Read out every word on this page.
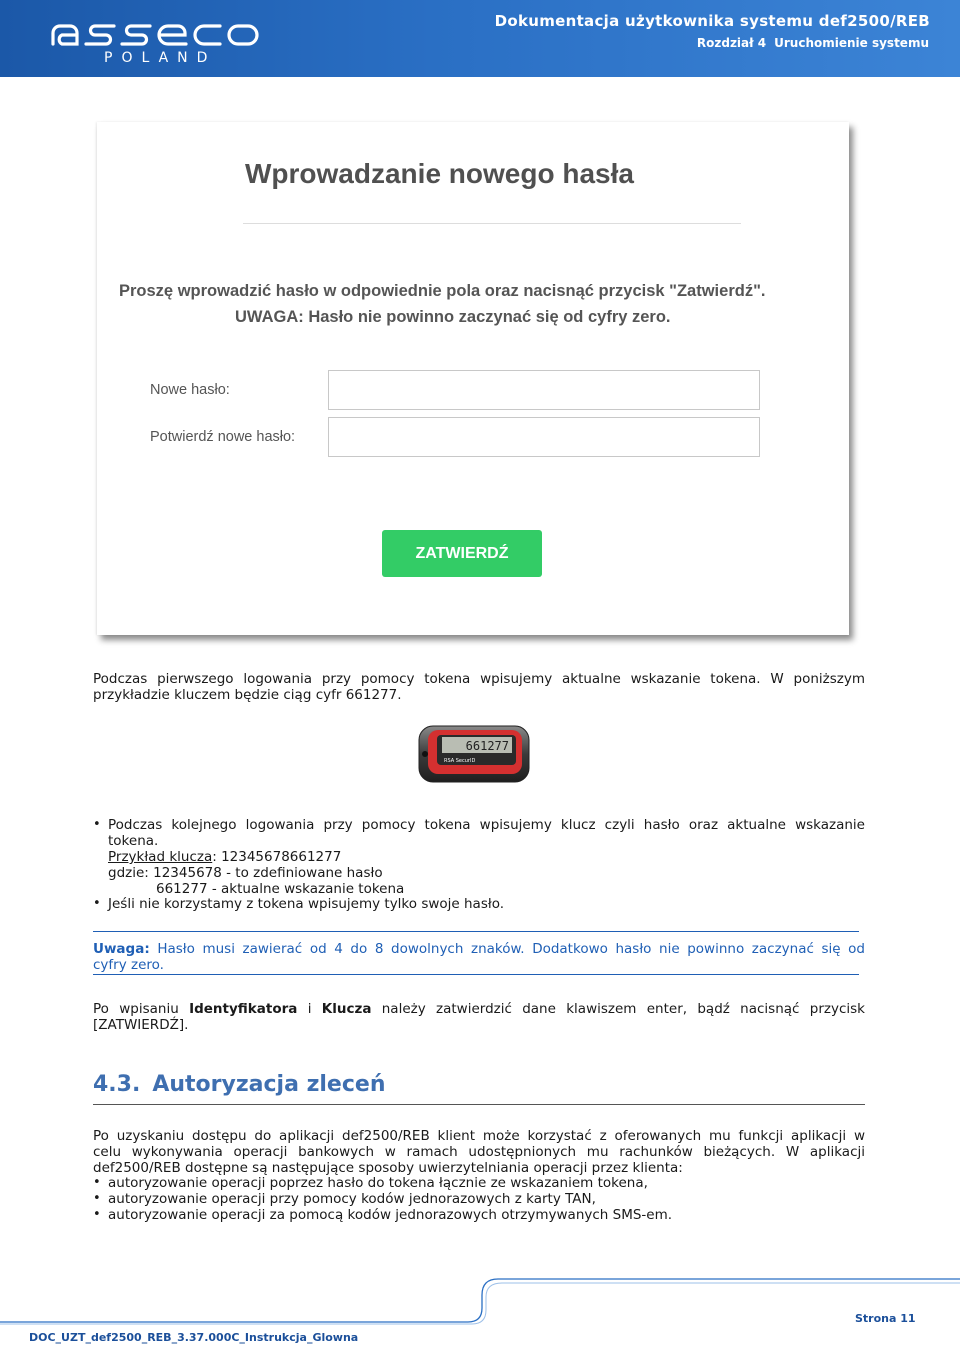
POLAND
Dokumentacja użytkownika systemu def2500/REB
Rozdział 4 Uruchomienie systemu
Wprowadzanie nowego hasła
Proszę wprowadzić hasło w odpowiednie pola oraz nacisnąć przycisk "Zatwierdź".
UWAGA: Hasło nie powinno zaczynać się od cyfry zero.
Nowe hasło:
Potwierdź nowe hasło:
ZATWIERDŹ
Podczas pierwszego logowania przy pomocy tokena wpisujemy aktualne wskazanie tokena. W poniższym
przykładzie kluczem będzie ciąg cyfr 661277.
661277
RSA SecurID
• Podczas kolejnego logowania przy pomocy tokena wpisujemy klucz czyli hasło oraz aktualne wskazanie
tokena.
Przykład klucza: 12345678661277
gdzie: 12345678 - to zdefiniowane hasło
661277 - aktualne wskazanie tokena
• Jeśli nie korzystamy z tokena wpisujemy tylko swoje hasło.
Uwaga: Hasło musi zawierać od 4 do 8 dowolnych znaków. Dodatkowo hasło nie powinno zaczynać się od
cyfry zero.
Po wpisaniu Identyfikatora i Klucza należy zatwierdzić dane klawiszem enter, bądź nacisnąć przycisk
[ZATWIERDŹ].
4.3. Autoryzacja zleceń
Po uzyskaniu dostępu do aplikacji def2500/REB klient może korzystać z oferowanych mu funkcji aplikacji w
celu wykonywania operacji bankowych w ramach udostępnionych mu rachunków bieżących. W aplikacji
def2500/REB dostępne są następujące sposoby uwierzytelniania operacji przez klienta:
• autoryzowanie operacji poprzez hasło do tokena łącznie ze wskazaniem tokena,
• autoryzowanie operacji przy pomocy kodów jednorazowych z karty TAN,
• autoryzowanie operacji za pomocą kodów jednorazowych otrzymywanych SMS-em.
DOC_UZT_def2500_REB_3.37.000C_Instrukcja_Glowna
Strona 11
